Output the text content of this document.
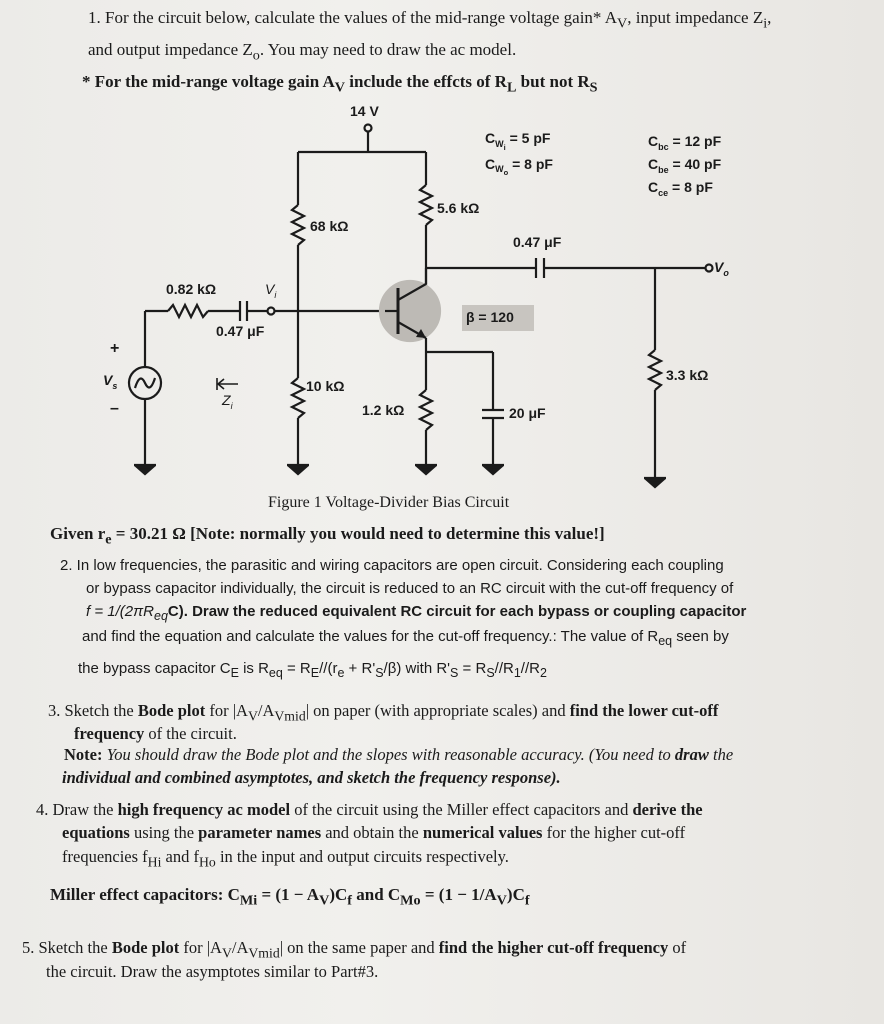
1. For the circuit below, calculate the values of the mid-range voltage gain* $A_V$, input impedance $Z_i$,
and output impedance $Z_o$. You may need to draw the ac model.
* For the mid-range voltage gain $A_V$ include the effcts of $R_L$ but not $R_S$
14 V
$C_{W_i} = 5$ pF
$C_{W_o} = 8$ pF
$C_{bc} = 12$ pF
$C_{be} = 40$ pF
$C_{ce} = 8$ pF
5.6 kΩ
68 kΩ
0.47 μF
$V_o$
0.82 kΩ	$V_i$
0.47 μF
β = 120
+
$V_s$
–	$Z_i$
10 kΩ
3.3 kΩ
1.2 kΩ	20 μF
Figure 1 Voltage-Divider Bias Circuit
Given $r_e = 30.21$ Ω [Note: normally you would need to determine this value!]
2. In low frequencies, the parasitic and wiring capacitors are open circuit. Considering each coupling
or bypass capacitor individually, the circuit is reduced to an RC circuit with the cut-off frequency of
$f = 1/(2\pi R_{eq}C)$. Draw the reduced equivalent RC circuit for each bypass or coupling capacitor
and find the equation and calculate the values for the cut-off frequency.: The value of $R_{eq}$ seen by
the bypass capacitor $C_E$ is $R_{eq} = R_E//(r_e + R'_S/\beta)$ with $R'_S = R_S//R_1//R_2$
3. Sketch the Bode plot for $|A_V/A_{Vmid}|$ on paper (with appropriate scales) and find the lower cut-off
frequency of the circuit.
Note: You should draw the Bode plot and the slopes with reasonable accuracy. (You need to draw the
individual and combined asymptotes, and sketch the frequency response).
4. Draw the high frequency ac model of the circuit using the Miller effect capacitors and derive the
equations using the parameter names and obtain the numerical values for the higher cut-off
frequencies $f_{Hi}$ and $f_{Ho}$ in the input and output circuits respectively.
Miller effect capacitors: $C_{Mi} = (1 - A_V)C_f$ and $C_{Mo} = (1 - 1/A_V)C_f$
5. Sketch the Bode plot for $|A_V/A_{Vmid}|$ on the same paper and find the higher cut-off frequency of
the circuit. Draw the asymptotes similar to Part#3.
